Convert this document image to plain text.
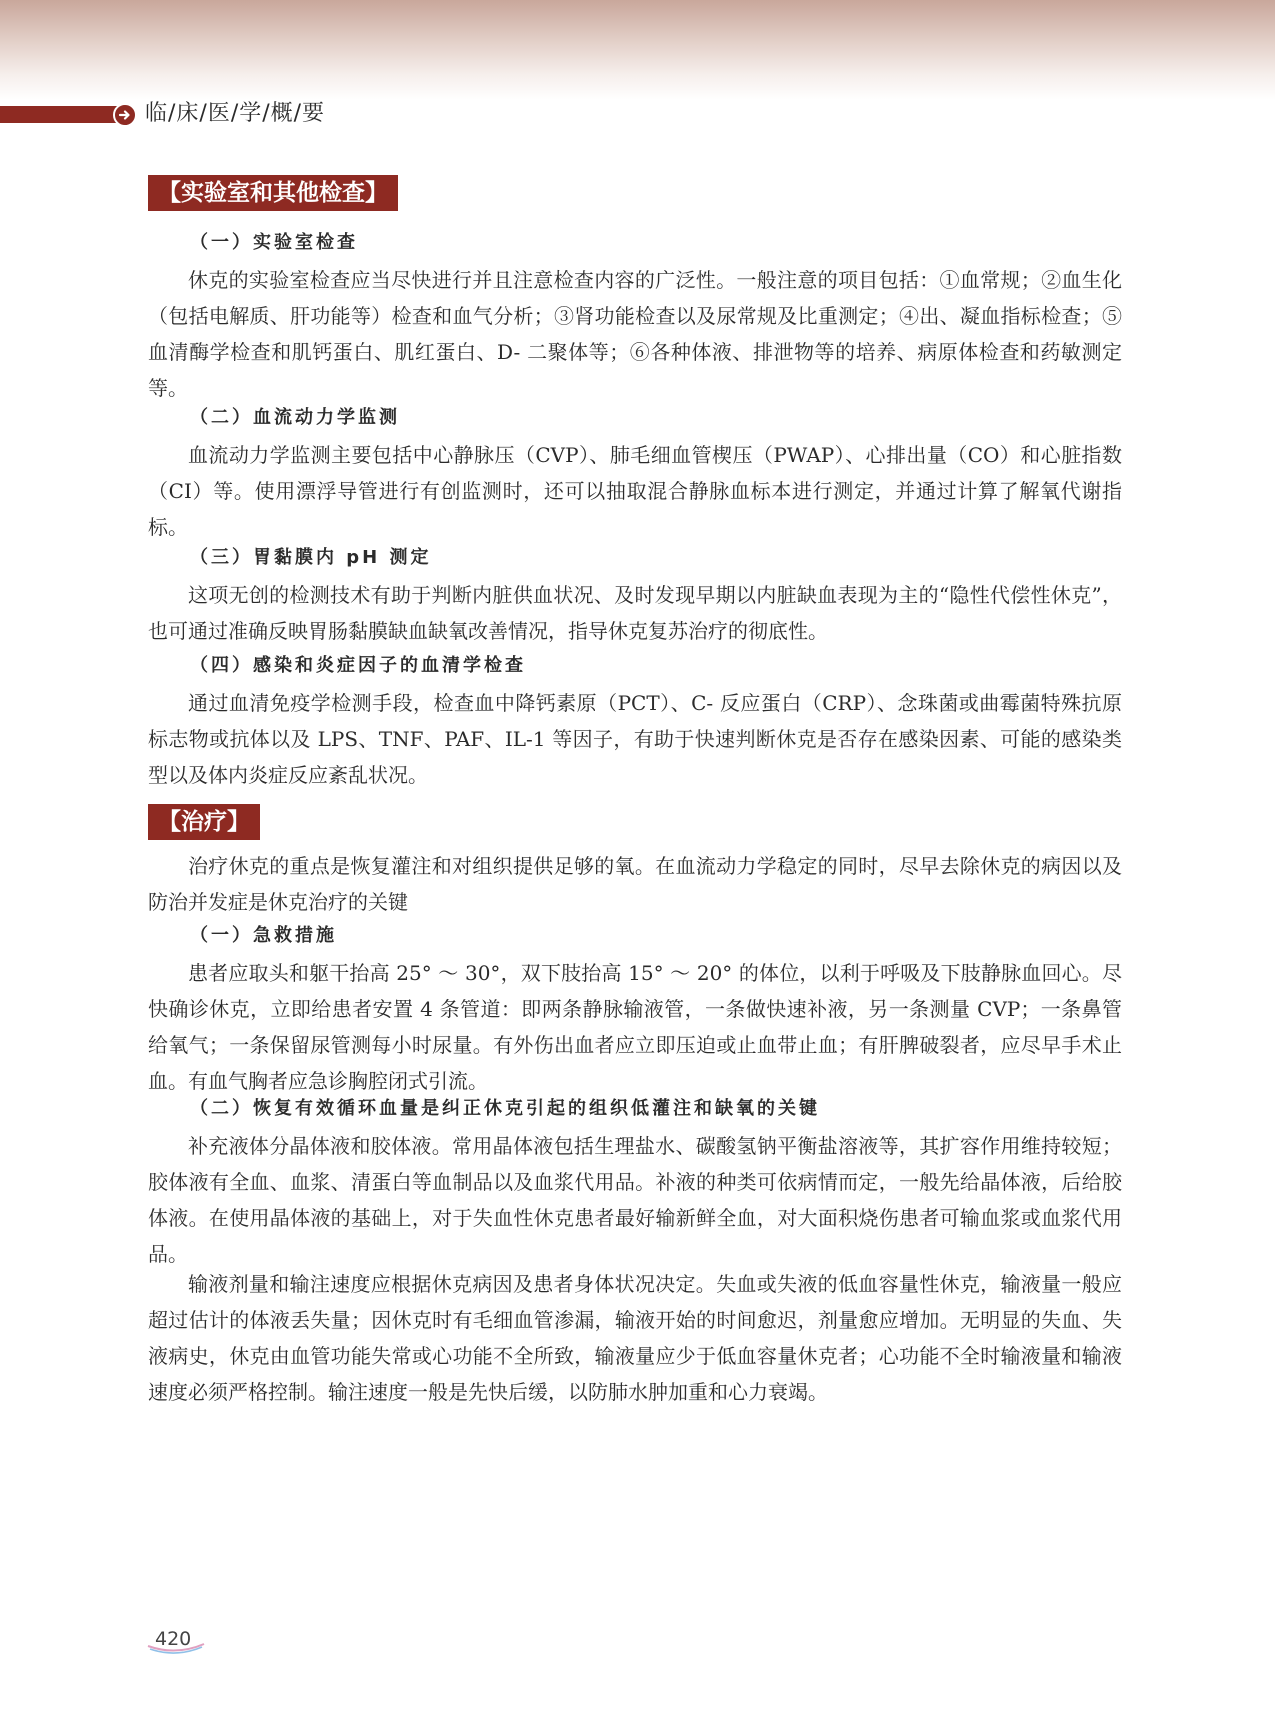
临/床/医/学/概/要
【实验室和其他检查】
（一）实验室检查

休克的实验室检查应当尽快进行并且注意检查内容的广泛性。一般注意的项目包括：①血常规；②血生化（包括电解质、肝功能等）检查和血气分析；③肾功能检查以及尿常规及比重测定；④出、凝血指标检查；⑤血清酶学检查和肌钙蛋白、肌红蛋白、D- 二聚体等；⑥各种体液、排泄物等的培养、病原体检查和药敏测定等。

（二）血流动力学监测

血流动力学监测主要包括中心静脉压（CVP）、肺毛细血管楔压（PWAP）、心排出量（CO）和心脏指数（CI）等。使用漂浮导管进行有创监测时，还可以抽取混合静脉血标本进行测定，并通过计算了解氧代谢指标。

（三）胃黏膜内 pH 测定

这项无创的检测技术有助于判断内脏供血状况、及时发现早期以内脏缺血表现为主的“隐性代偿性休克”，也可通过准确反映胃肠黏膜缺血缺氧改善情况，指导休克复苏治疗的彻底性。

（四）感染和炎症因子的血清学检查

通过血清免疫学检测手段，检查血中降钙素原（PCT）、C- 反应蛋白（CRP）、念珠菌或曲霉菌特殊抗原标志物或抗体以及 LPS、TNF、PAF、IL-1 等因子，有助于快速判断休克是否存在感染因素、可能的感染类型以及体内炎症反应紊乱状况。

【治疗】

治疗休克的重点是恢复灌注和对组织提供足够的氧。在血流动力学稳定的同时，尽早去除休克的病因以及防治并发症是休克治疗的关键

（一）急救措施

患者应取头和躯干抬高 25° ～ 30°，双下肢抬高 15° ～ 20° 的体位，以利于呼吸及下肢静脉血回心。尽快确诊休克，立即给患者安置 4 条管道：即两条静脉输液管，一条做快速补液，另一条测量 CVP；一条鼻管给氧气；一条保留尿管测每小时尿量。有外伤出血者应立即压迫或止血带止血；有肝脾破裂者，应尽早手术止血。有血气胸者应急诊胸腔闭式引流。

（二）恢复有效循环血量是纠正休克引起的组织低灌注和缺氧的关键

补充液体分晶体液和胶体液。常用晶体液包括生理盐水、碳酸氢钠平衡盐溶液等，其扩容作用维持较短；胶体液有全血、血浆、清蛋白等血制品以及血浆代用品。补液的种类可依病情而定，一般先给晶体液，后给胶体液。在使用晶体液的基础上，对于失血性休克患者最好输新鲜全血，对大面积烧伤患者可输血浆或血浆代用品。

输液剂量和输注速度应根据休克病因及患者身体状况决定。失血或失液的低血容量性休克，输液量一般应超过估计的体液丢失量；因休克时有毛细血管渗漏，输液开始的时间愈迟，剂量愈应增加。无明显的失血、失液病史，休克由血管功能失常或心功能不全所致，输液量应少于低血容量休克者；心功能不全时输液量和输液速度必须严格控制。输注速度一般是先快后缓，以防肺水肿加重和心力衰竭。

420
